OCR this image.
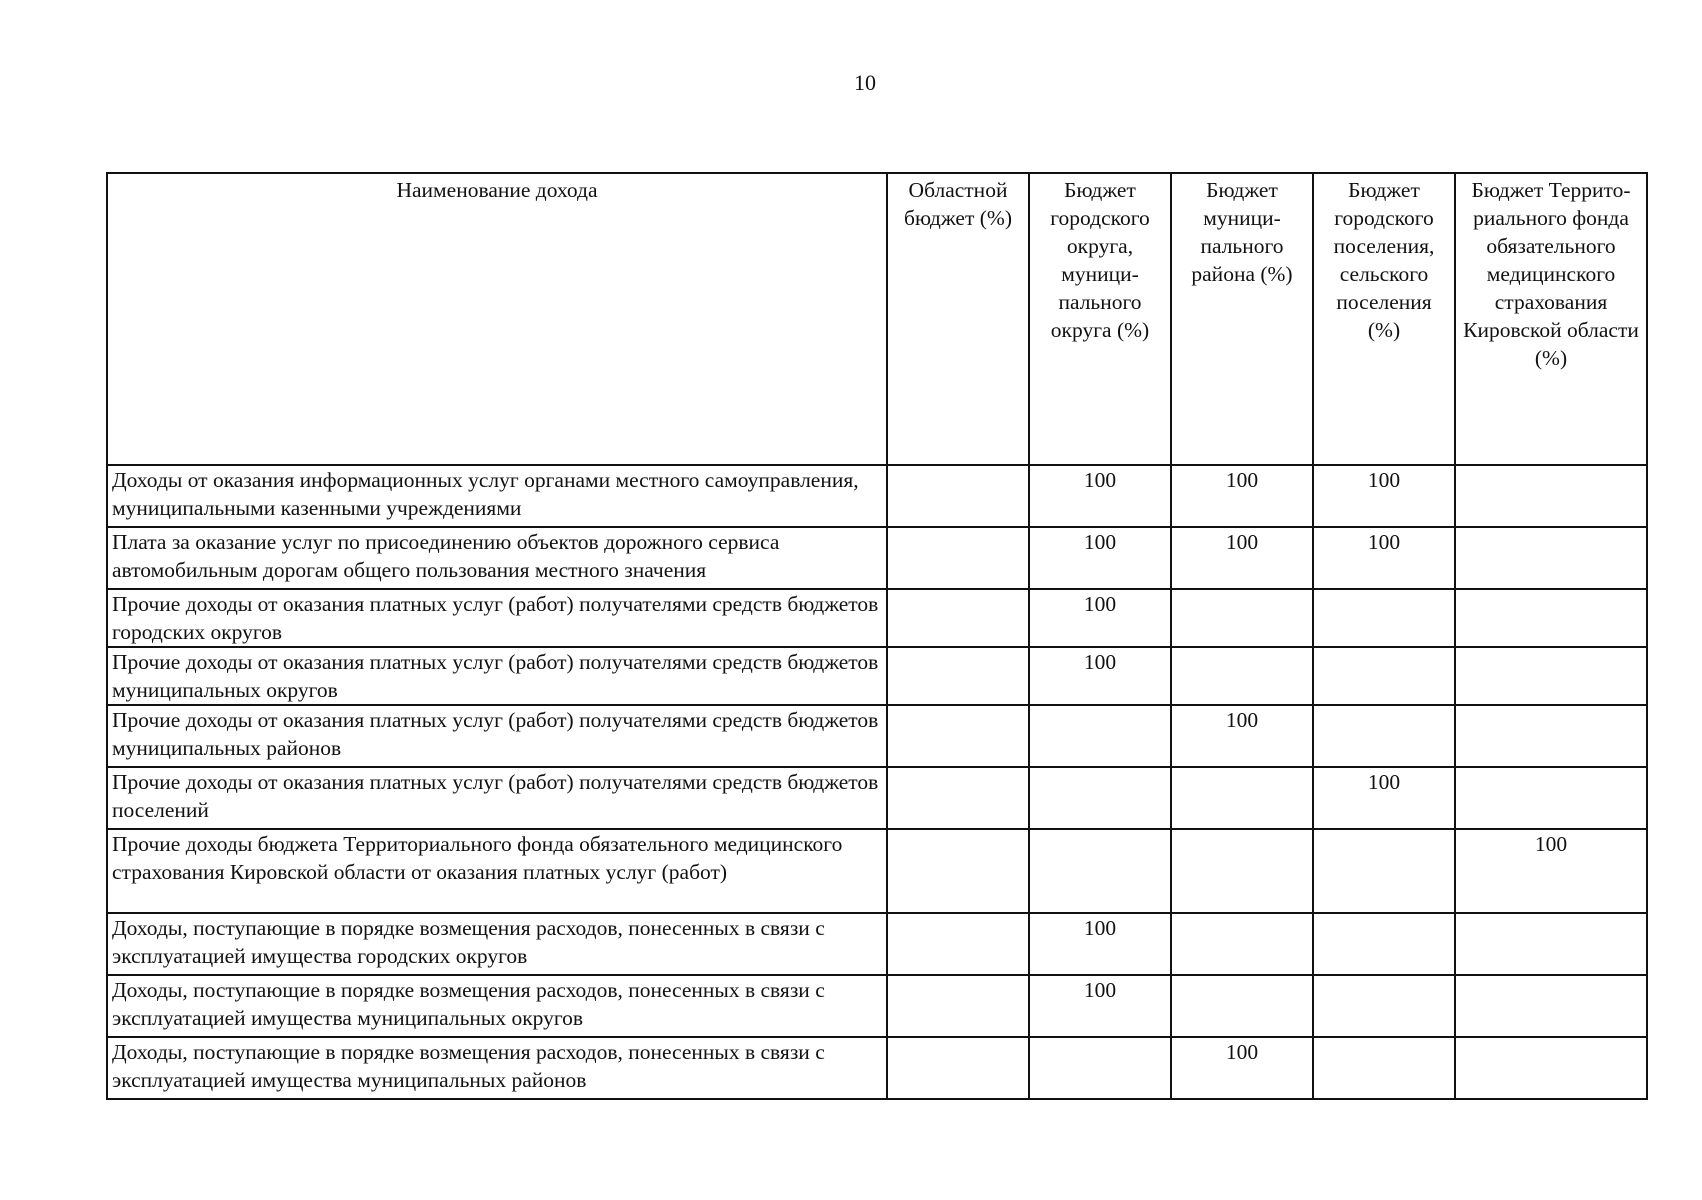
10
Наименование дохода	Областной бюджет (%)	Бюджет городского округа, муници-пального округа (%)	Бюджет муници-пального района (%)	Бюджет городского поселения, сельского поселения (%)	Бюджет Террито-риального фонда обязательного медицинского страхования Кировской области (%)
Доходы от оказания информационных услуг органами местного самоуправления, муниципальными казенными учреждениями		100	100	100	
Плата за оказание услуг по присоединению объектов дорожного сервиса автомобильным дорогам общего пользования местного значения		100	100	100	
Прочие доходы от оказания платных услуг (работ) получателями средств бюджетов городских округов		100			
Прочие доходы от оказания платных услуг (работ) получателями средств бюджетов муниципальных округов		100			
Прочие доходы от оказания платных услуг (работ) получателями средств бюджетов муниципальных районов			100		
Прочие доходы от оказания платных услуг (работ) получателями средств бюджетов поселений				100	
Прочие доходы бюджета Территориального фонда обязательного медицинского страхования Кировской области от оказания платных услуг (работ)					100
Доходы, поступающие в порядке возмещения расходов, понесенных в связи с эксплуатацией имущества городских округов		100			
Доходы, поступающие в порядке возмещения расходов, понесенных в связи с эксплуатацией имущества муниципальных округов		100			
Доходы, поступающие в порядке возмещения расходов, понесенных в связи с эксплуатацией имущества муниципальных районов			100		
